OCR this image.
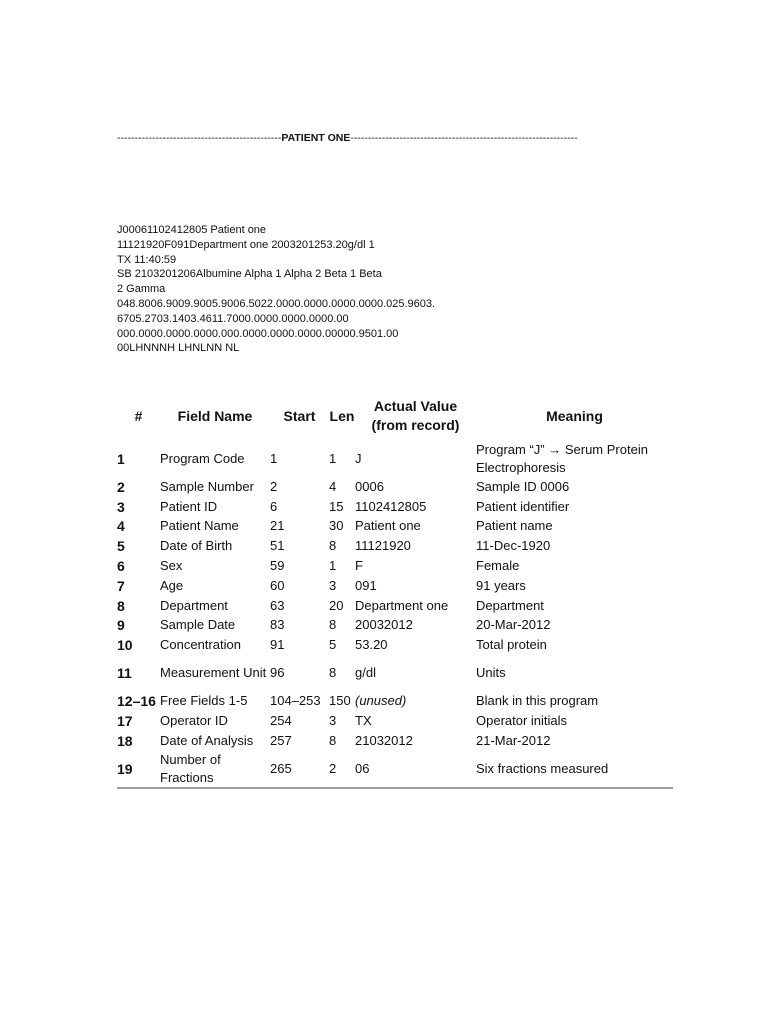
-----------------------------------------------PATIENT ONE-----------------------------------------------------------------
J00061102412805 Patient one
11121920F091Department one 2003201253.20g/dl 1
TX 11:40:59
SB 2103201206Albumine Alpha 1 Alpha 2 Beta 1 Beta
2 Gamma
048.8006.9009.9005.9006.5022.0000.0000.0000.0000.025.9603.
6705.2703.1403.4611.7000.0000.0000.0000.00
000.0000.0000.0000.000.0000.0000.0000.00000.9501.00
00LHNNNH LHNLNN NL
#	Field Name	Start	Len	Actual Value (from record)	Meaning
1	Program Code	1	1	J	Program “J” → Serum Protein Electrophoresis
2	Sample Number	2	4	0006	Sample ID 0006
3	Patient ID	6	15	1102412805	Patient identifier
4	Patient Name	21	30	Patient one	Patient name
5	Date of Birth	51	8	11121920	11-Dec-1920
6	Sex	59	1	F	Female
7	Age	60	3	091	91 years
8	Department	63	20	Department one	Department
9	Sample Date	83	8	20032012	20-Mar-2012
10	Concentration	91	5	53.20	Total protein
11	Measurement Unit	96	8	g/dl	Units
12–16	Free Fields 1-5	104–253	150	(unused)	Blank in this program
17	Operator ID	254	3	TX	Operator initials
18	Date of Analysis	257	8	21032012	21-Mar-2012
19	Number of Fractions	265	2	06	Six fractions measured
